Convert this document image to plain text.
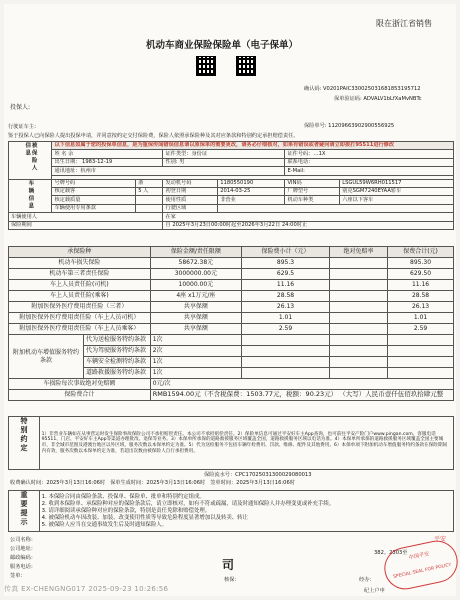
限在浙江省销售
机动车商业保险保险单（电子保单）
确认码: V0201PAIC330025031681853195712
保单验证码: ADVALV1bLfXaMvNBTc
投保人:
行驶证车主：	保险单号: 11209663902900556925
鉴于投保人已向保险人提出投保申请，并同意按约定交付保险费，保险人依照承保险种及其对应条款和特别约定承担赔偿责任。
被保险人信息	以下信息如属于您的投保单信息，是为重保传闻错误信息请以原保单的需要更改，请务必仔细核对，如果有错误或者疑问请立即拨打95511进行修改					
	姓 名 余		证件类型：身份证		证件号码：…1X	
	出生日期： 1983-12-19		性别: 男		联系电话：	
	通讯地址：杭州市				E-Mail:	

车辆信息	号牌号码	浙	发动机号码	1180550190	VIN码	LSGUL59W6RH011517
	核定载客	5 人	初登日期	2014-03-25	厂牌型号	别克SGM7240EYAA轿车
	核定载质量		使用性质	非营业	机动车种类	六座以下客车
	车辆使用专用条款		行驶区域			
车辆使用人			在家			
保险期间			自 2025年3月23日00:00时起至2026年3月22日 24:00时止			
承保险种		保险金额/责任限额	保险费小计（元）	绝对免赔率	保费合计(元)
机动车损失保险		58672.38元	895.3		895.30
机动车第三者责任保险		3000000.00元	629.5		629.50
车上人员责任险(司机)		10000.00元	11.16		11.16
车上人员责任险(乘客)		4座 x1万元/座	28.58		28.58
附加医保外医疗费用责任险（三者）		共享保额	26.13		26.13
附加医保外医疗费用责任险（车上人员司机）		共享保额	1.01		1.01
附加医保外医疗费用责任险（车上人员乘客）		共享保额	2.59		2.59
附加机动车增值服务特约条款	代为送检服务特约条款	1次			
	代为驾驶服务特约条款	2次			
	车辆安全检测特约条款	1次			
	道路救援服务特约条款	1次			
车损险每次事故绝对免赔额		0元/次			
保险费合计		RMB1594.00元（不含税保费：1503.77元，税额：90.23元） （大写）人民币壹仟伍佰玖拾肆元整			
特别约定	1）非营业车辆如在从事营运时发生保险事故保险公司不承担赔偿责任。本公司不承担赔偿责任。2）保险单信息可通过平安好车主App查询，也可前往平安产险门户www.pingan.com、客服电话95511、门店、平安好车主App等渠道办理批改、退保等业务。3）本保单所承保的道路救援服务区域覆盖全国，道路救援服务区域以电话为准。4）本保单所承保的道路救援服务区域覆盖全国主要城市，非全城市范围及港澳台地区以外区域，服务次数以本保单约定为准。5）代为送检服务不包括车辆年检费用、罚款、维修、配件及其他费用。6）本保单项下附加机动车增值服务特约条款在保险期间内有效，服务次数以本保单约定为准，若超出次数由被保险人自行承担费用。
保险流水号：CPC17025031300029080013
收费确认时间：2025年3月13日16:06时 保单生成时间：2025年3月13日16:06时 签单时间：2025年3月13日16:06时
重要提示	1. 本保险合同由保险条款、投保单、保险单、批单和特别约定组成。
2. 收到本保险单、承保险种对应的保险条款后，请立即核对，如有不符或疏漏，请及时通知保险人并办理变更或补充手续。
3. 请详细阅读承保险种对应的保险条款，特别是责任免除和赔偿处理。
4. 被保险机动车因改装、加装、改变使用性质等导致危险程度显著增加以及转卖、转让
5. 被保险人应当在交通事故发生后及时通知保险人。
公司名称：
公司地址：
邮政编码：
服务电话：
签单：
382。2303至
核保：	经办：
纪上户申
中国平安
SPECIAL SEAL FOR POLICY
平安
司
传真 EX-CHENGNG017 2025-09-23 10:26:56
